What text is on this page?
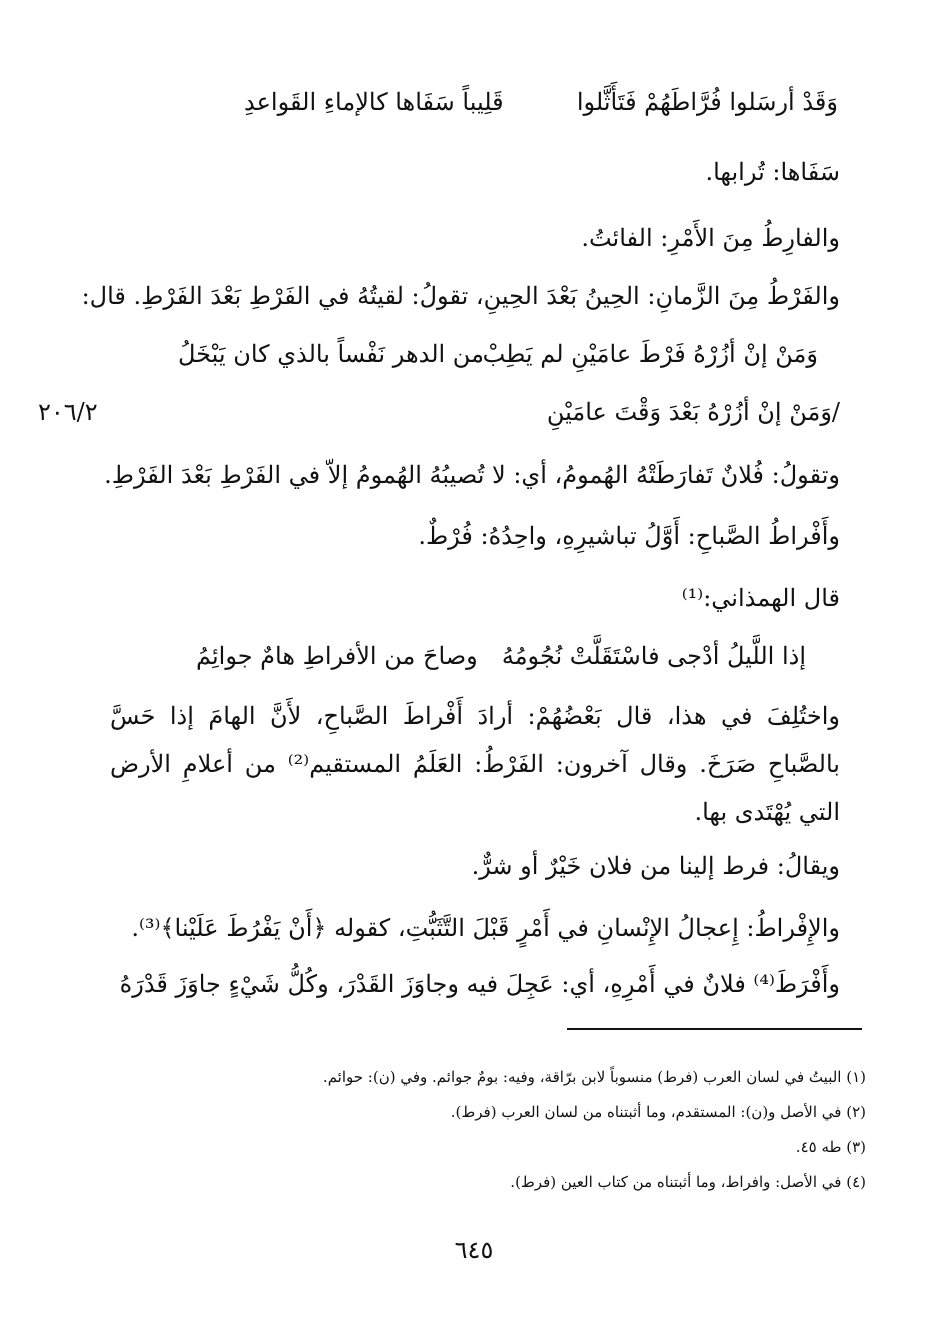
وَقَدْ أرسَلوا فُرَّاطَهُمْ فَتَأَثَّلوا
قَلِيباً سَفَاها كالإماءِ القَواعدِ
سَفَاها: تُرابها.
والفارِطُ مِنَ الأَمْرِ: الفائتُ.
والفَرْطُ مِنَ الزَّمانِ: الحِينُ بَعْدَ الحِينِ، تقولُ: لقيتُهُ في الفَرْطِ بَعْدَ الفَرْطِ. قال:
وَمَنْ إنْ أزُرْهُ فَرْطَ عامَيْنِ لم يَطِبْ
من الدهر نَفْساً بالذي كان يَبْخَلُ
/وَمَنْ إنْ أزُرْهُ بَعْدَ وَقْتَ عامَيْنِ
٢٠٦/٢
وتقولُ: فُلانٌ تَفارَطَتْهُ الهُمومُ، أي: لا تُصيبُهُ الهُمومُ إلاّ في الفَرْطِ بَعْدَ الفَرْطِ.
وأَفْراطُ الصَّباحِ: أَوَّلُ تباشيرِهِ، واحِدُهُ: فُرْطٌ.
قال الهمذاني:⁽¹⁾
إذا اللَّيلُ أدْجى فاسْتَقَلَّتْ نُجُومُهُ
وصاحَ من الأفراطِ هامٌ جوائِمُ
واختُلِفَ في هذا، قال بَعْضُهُمْ: أرادَ أَفْراطَ الصَّباحِ، لأَنَّ الهامَ إذا حَسَّ بالصَّباحِ صَرَخَ. وقال آخرون: الفَرْطُ: العَلَمُ المستقيم⁽²⁾ من أعلامِ الأرض التي يُهْتَدى بها.
ويقالُ: فرط إلينا من فلان خَيْرٌ أو شرٌّ.
والإِفْراطُ: إِعجالُ الإِنْسانِ في أَمْرٍ قَبْلَ التَّثَبُّتِ، كقوله ﴿أَنْ يَفْرُطَ عَلَيْنا﴾⁽³⁾.
وأَفْرَطَ⁽⁴⁾ فلانٌ في أَمْرِهِ، أي: عَجِلَ فيه وجاوَزَ القَدْرَ، وكُلُّ شَيْءٍ جاوَزَ قَدْرَهُ
(١) البيتُ في لسان العرب (فرط) منسوباً لابن برّاقة، وفيه: بومٌ جوائم. وفي (ن): حوائم.
(٢) في الأصل و(ن): المستقدم، وما أثبتناه من لسان العرب (فرط).
(٣) طه ٤٥.
(٤) في الأصل: وافراط، وما أثبتناه من كتاب العين (فرط).
٦٤٥
